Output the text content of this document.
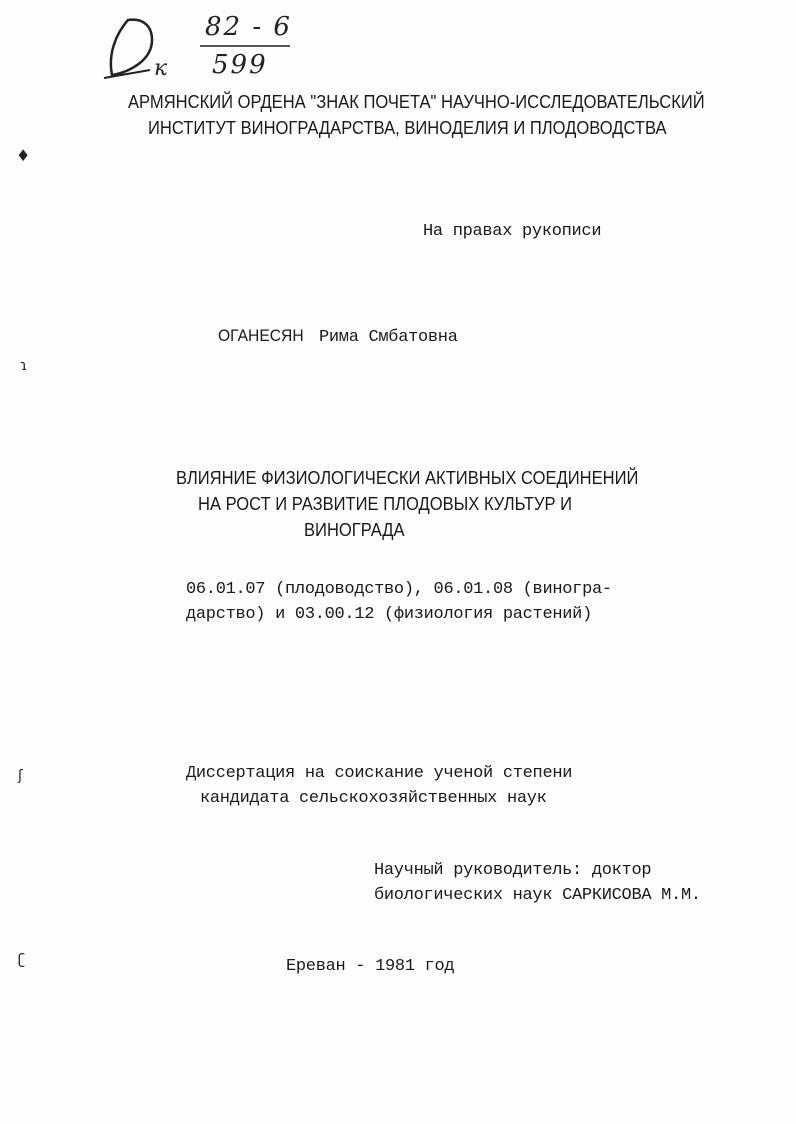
к
82 - 6
599
♦
ɿ
ʃ
ʗ
АРМЯНСКИЙ ОРДЕНА "ЗНАК ПОЧЕТА" НАУЧНО-ИССЛЕДОВАТЕЛЬСКИЙ
ИНСТИТУТ ВИНОГРАДАРСТВА, ВИНОДЕЛИЯ И ПЛОДОВОДСТВА
На правах рукописи
ОГАНЕСЯН Рима Смбатовна
ВЛИЯНИЕ ФИЗИОЛОГИЧЕСКИ АКТИВНЫХ СОЕДИНЕНИЙ
НА РОСТ И РАЗВИТИЕ ПЛОДОВЫХ КУЛЬТУР И
ВИНОГРАДА
06.01.07 (плодоводство), 06.01.08 (виногра-
дарство) и 03.00.12 (физиология растений)
Диссертация на соискание ученой степени
кандидата сельскохозяйственных наук
Научный руководитель: доктор
биологических наук САРКИСОВА М.М.
Ереван - 1981 год
